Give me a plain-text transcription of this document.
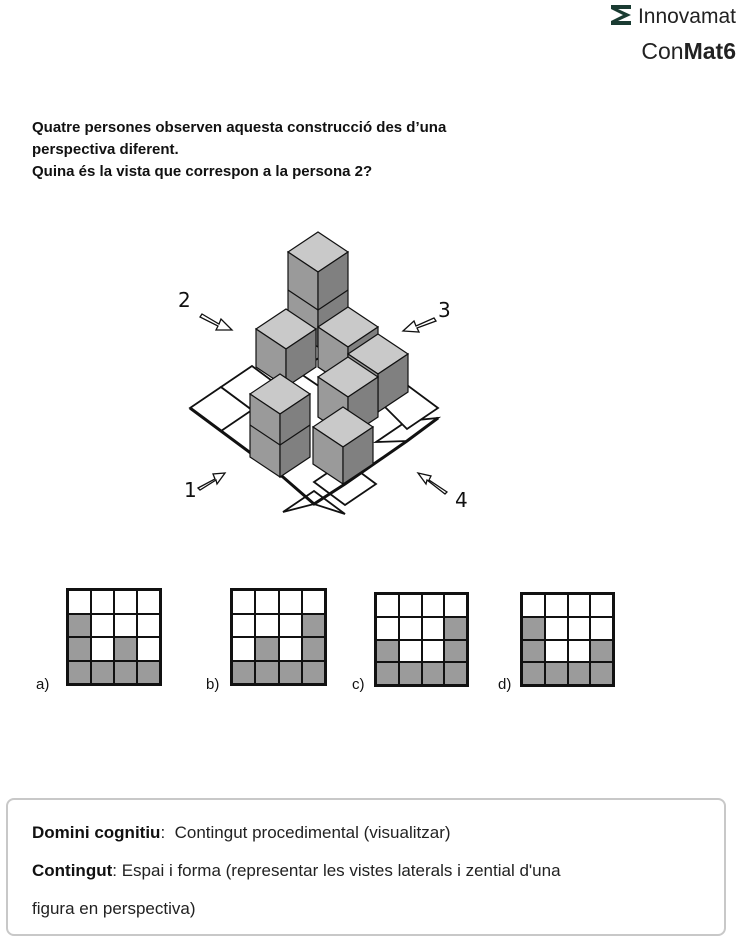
Innovamat
ConMat6
Quatre persones observen aquesta construcció des d’una
perspectiva diferent.
Quina és la vista que correspon a la persona 2?
1
2	3
4
a)	b)	c)	d)

Domini cognitiu:  Contingut procedimental (visualitzar)

Contingut: Espai i forma (representar les vistes laterals i zential d'una

figura en perspectiva)
